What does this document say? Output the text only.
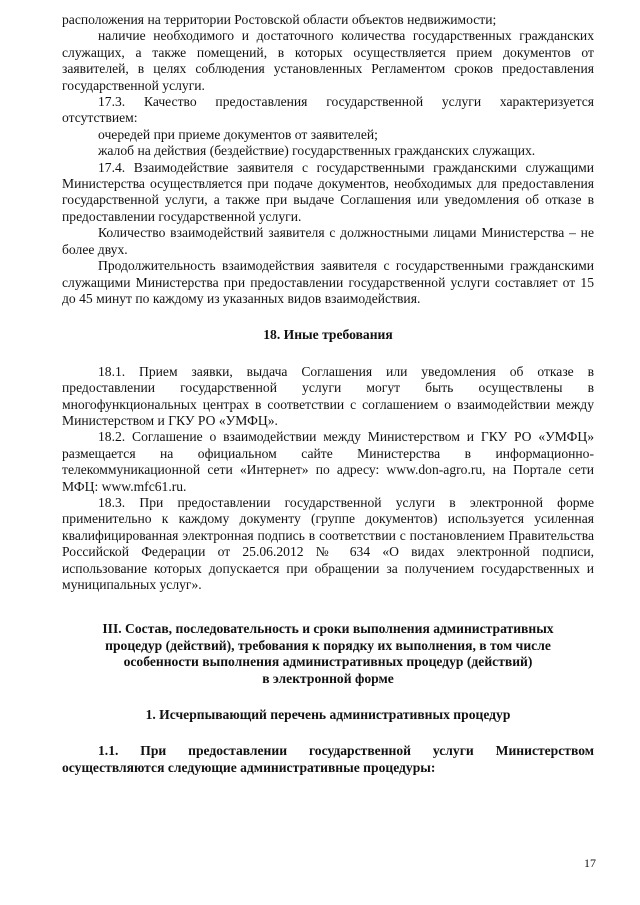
расположения на территории Ростовской области объектов недвижимости;

наличие необходимого и достаточного количества государственных гражданских служащих, а также помещений, в которых осуществляется прием документов от заявителей, в целях соблюдения установленных Регламентом сроков предоставления государственной услуги.

17.3. Качество предоставления государственной услуги характеризуется отсутствием:

очередей при приеме документов от заявителей;

жалоб на действия (бездействие) государственных гражданских служащих.

17.4. Взаимодействие заявителя с государственными гражданскими служащими Министерства осуществляется при подаче документов, необходимых для предоставления государственной услуги, а также при выдаче Соглашения или уведомления об отказе в предоставлении государственной услуги.

Количество взаимодействий заявителя с должностными лицами Министерства – не более двух.

Продолжительность взаимодействия заявителя с государственными гражданскими служащими Министерства при предоставлении государственной услуги составляет от 15 до 45 минут по каждому из указанных видов взаимодействия.

18. Иные требования

18.1. Прием заявки, выдача Соглашения или уведомления об отказе в предоставлении государственной услуги могут быть осуществлены в многофункциональных центрах в соответствии с соглашением о взаимодействии между Министерством и ГКУ РО «УМФЦ».

18.2. Соглашение о взаимодействии между Министерством и ГКУ РО «УМФЦ» размещается на официальном сайте Министерства в информационно-телекоммуникационной сети «Интернет» по адресу: www.don-agro.ru, на Портале сети МФЦ: www.mfc61.ru.

18.3. При предоставлении государственной услуги в электронной форме применительно к каждому документу (группе документов) используется усиленная квалифицированная электронная подпись в соответствии с постановлением Правительства Российской Федерации от 25.06.2012 № 634 «О видах электронной подписи, использование которых допускается при обращении за получением государственных и муниципальных услуг».

III. Состав, последовательность и сроки выполнения административных
процедур (действий), требования к порядку их выполнения, в том числе
особенности выполнения административных процедур (действий)
в электронной форме
1. Исчерпывающий перечень административных процедур

1.1. При предоставлении государственной услуги Министерством осуществляются следующие административные процедуры:

17
